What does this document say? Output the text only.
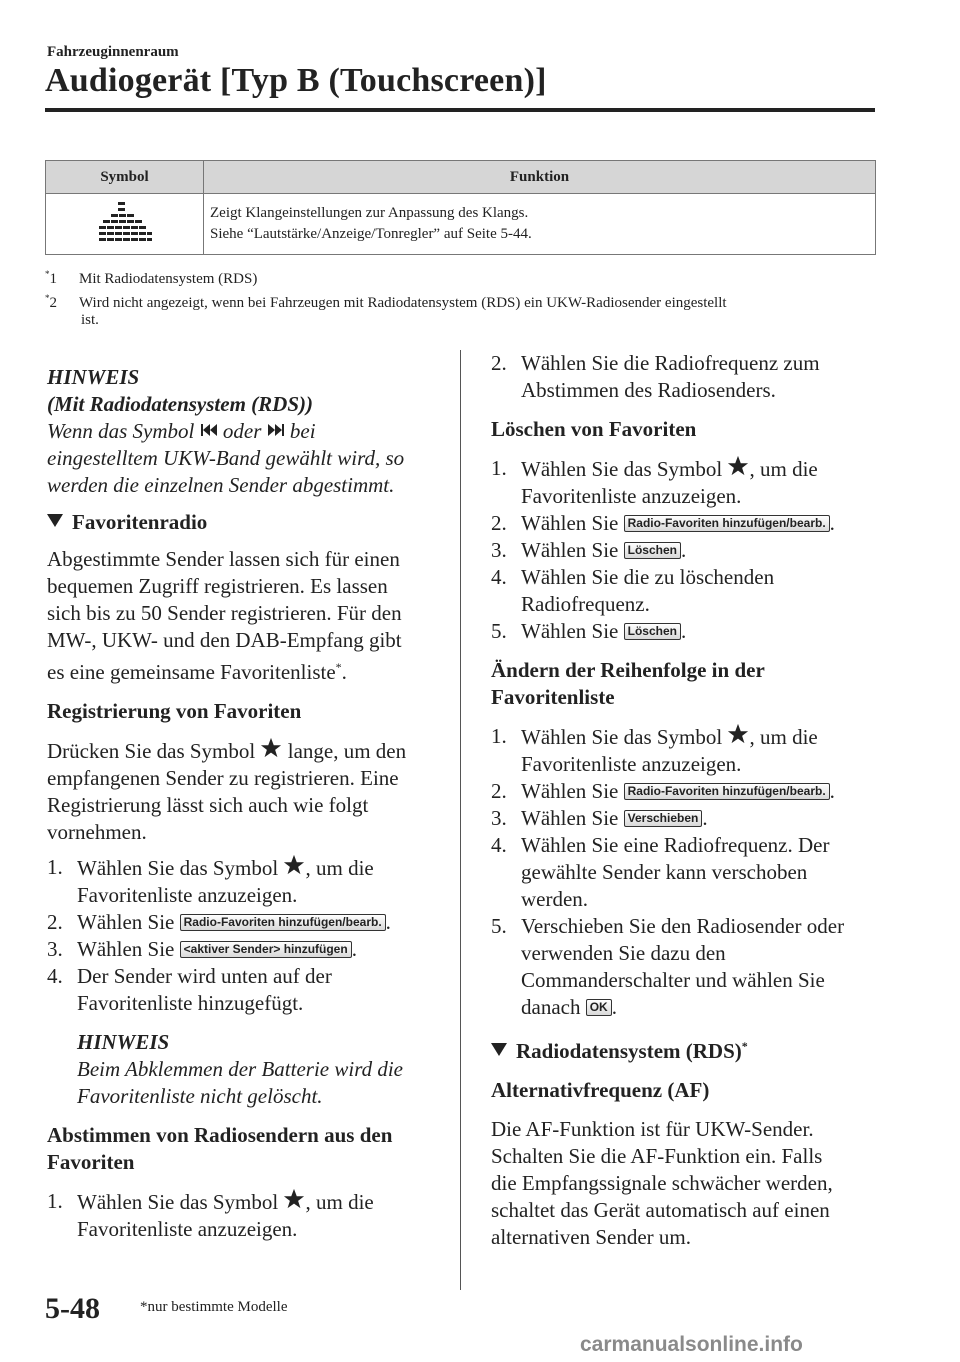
Fahrzeuginnenraum
Audiogerät [Typ B (Touchscreen)]
Symbol	Funktion

Zeigt Klangeinstellungen zur Anpassung des Klangs.
Siehe “Lautstärke/Anzeige/Tonregler” auf Seite 5-44.
*1 Mit Radiodatensystem (RDS)
*2 Wird nicht angezeigt, wenn bei Fahrzeugen mit Radiodatensystem (RDS) ein UKW-Radiosender eingestellt
ist.

HINWEIS

(Mit Radiodatensystem (RDS))

Wenn das Symbol oder bei

eingestelltem UKW-Band gewählt wird, so

werden die einzelnen Sender abgestimmt.

Favoritenradio

Abgestimmte Sender lassen sich für einen

bequemen Zugriff registrieren. Es lassen

sich bis zu 50 Sender registrieren. Für den

MW-, UKW- und den DAB-Empfang gibt

es eine gemeinsame Favoritenliste*.

Registrierung von Favoriten

Drücken Sie das Symbol lange, um den

empfangenen Sender zu registrieren. Eine

Registrierung lässt sich auch wie folgt

vornehmen.

1. Wählen Sie das Symbol , um die
Favoritenliste anzuzeigen.
2. Wählen Sie Radio-Favoriten hinzufügen/bearb. .
3. Wählen Sie <aktiver Sender> hinzufügen .
4. Der Sender wird unten auf der
Favoritenliste hinzugefügt.

HINWEIS

Beim Abklemmen der Batterie wird die

Favoritenliste nicht gelöscht.

Abstimmen von Radiosendern aus den

Favoriten

1. Wählen Sie das Symbol , um die
Favoritenliste anzuzeigen.
2. Wählen Sie die Radiofrequenz zum
Abstimmen des Radiosenders.

Löschen von Favoriten

1. Wählen Sie das Symbol , um die
Favoritenliste anzuzeigen.
2. Wählen Sie Radio-Favoriten hinzufügen/bearb. .
3. Wählen Sie Löschen .
4. Wählen Sie die zu löschenden
Radiofrequenz.
5. Wählen Sie Löschen .

Ändern der Reihenfolge in der

Favoritenliste

1. Wählen Sie das Symbol , um die
Favoritenliste anzuzeigen.
2. Wählen Sie Radio-Favoriten hinzufügen/bearb. .
3. Wählen Sie Verschieben .
4. Wählen Sie eine Radiofrequenz. Der
gewählte Sender kann verschoben
werden.
5. Verschieben Sie den Radiosender oder
verwenden Sie dazu den
Commanderschalter und wählen Sie
danach OK .

Radiodatensystem (RDS)*

Alternativfrequenz (AF)

Die AF-Funktion ist für UKW-Sender.

Schalten Sie die AF-Funktion ein. Falls

die Empfangssignale schwächer werden,

schaltet das Gerät automatisch auf einen

alternativen Sender um.

5-48	*nur bestimmte Modelle
carmanualsonline.info
